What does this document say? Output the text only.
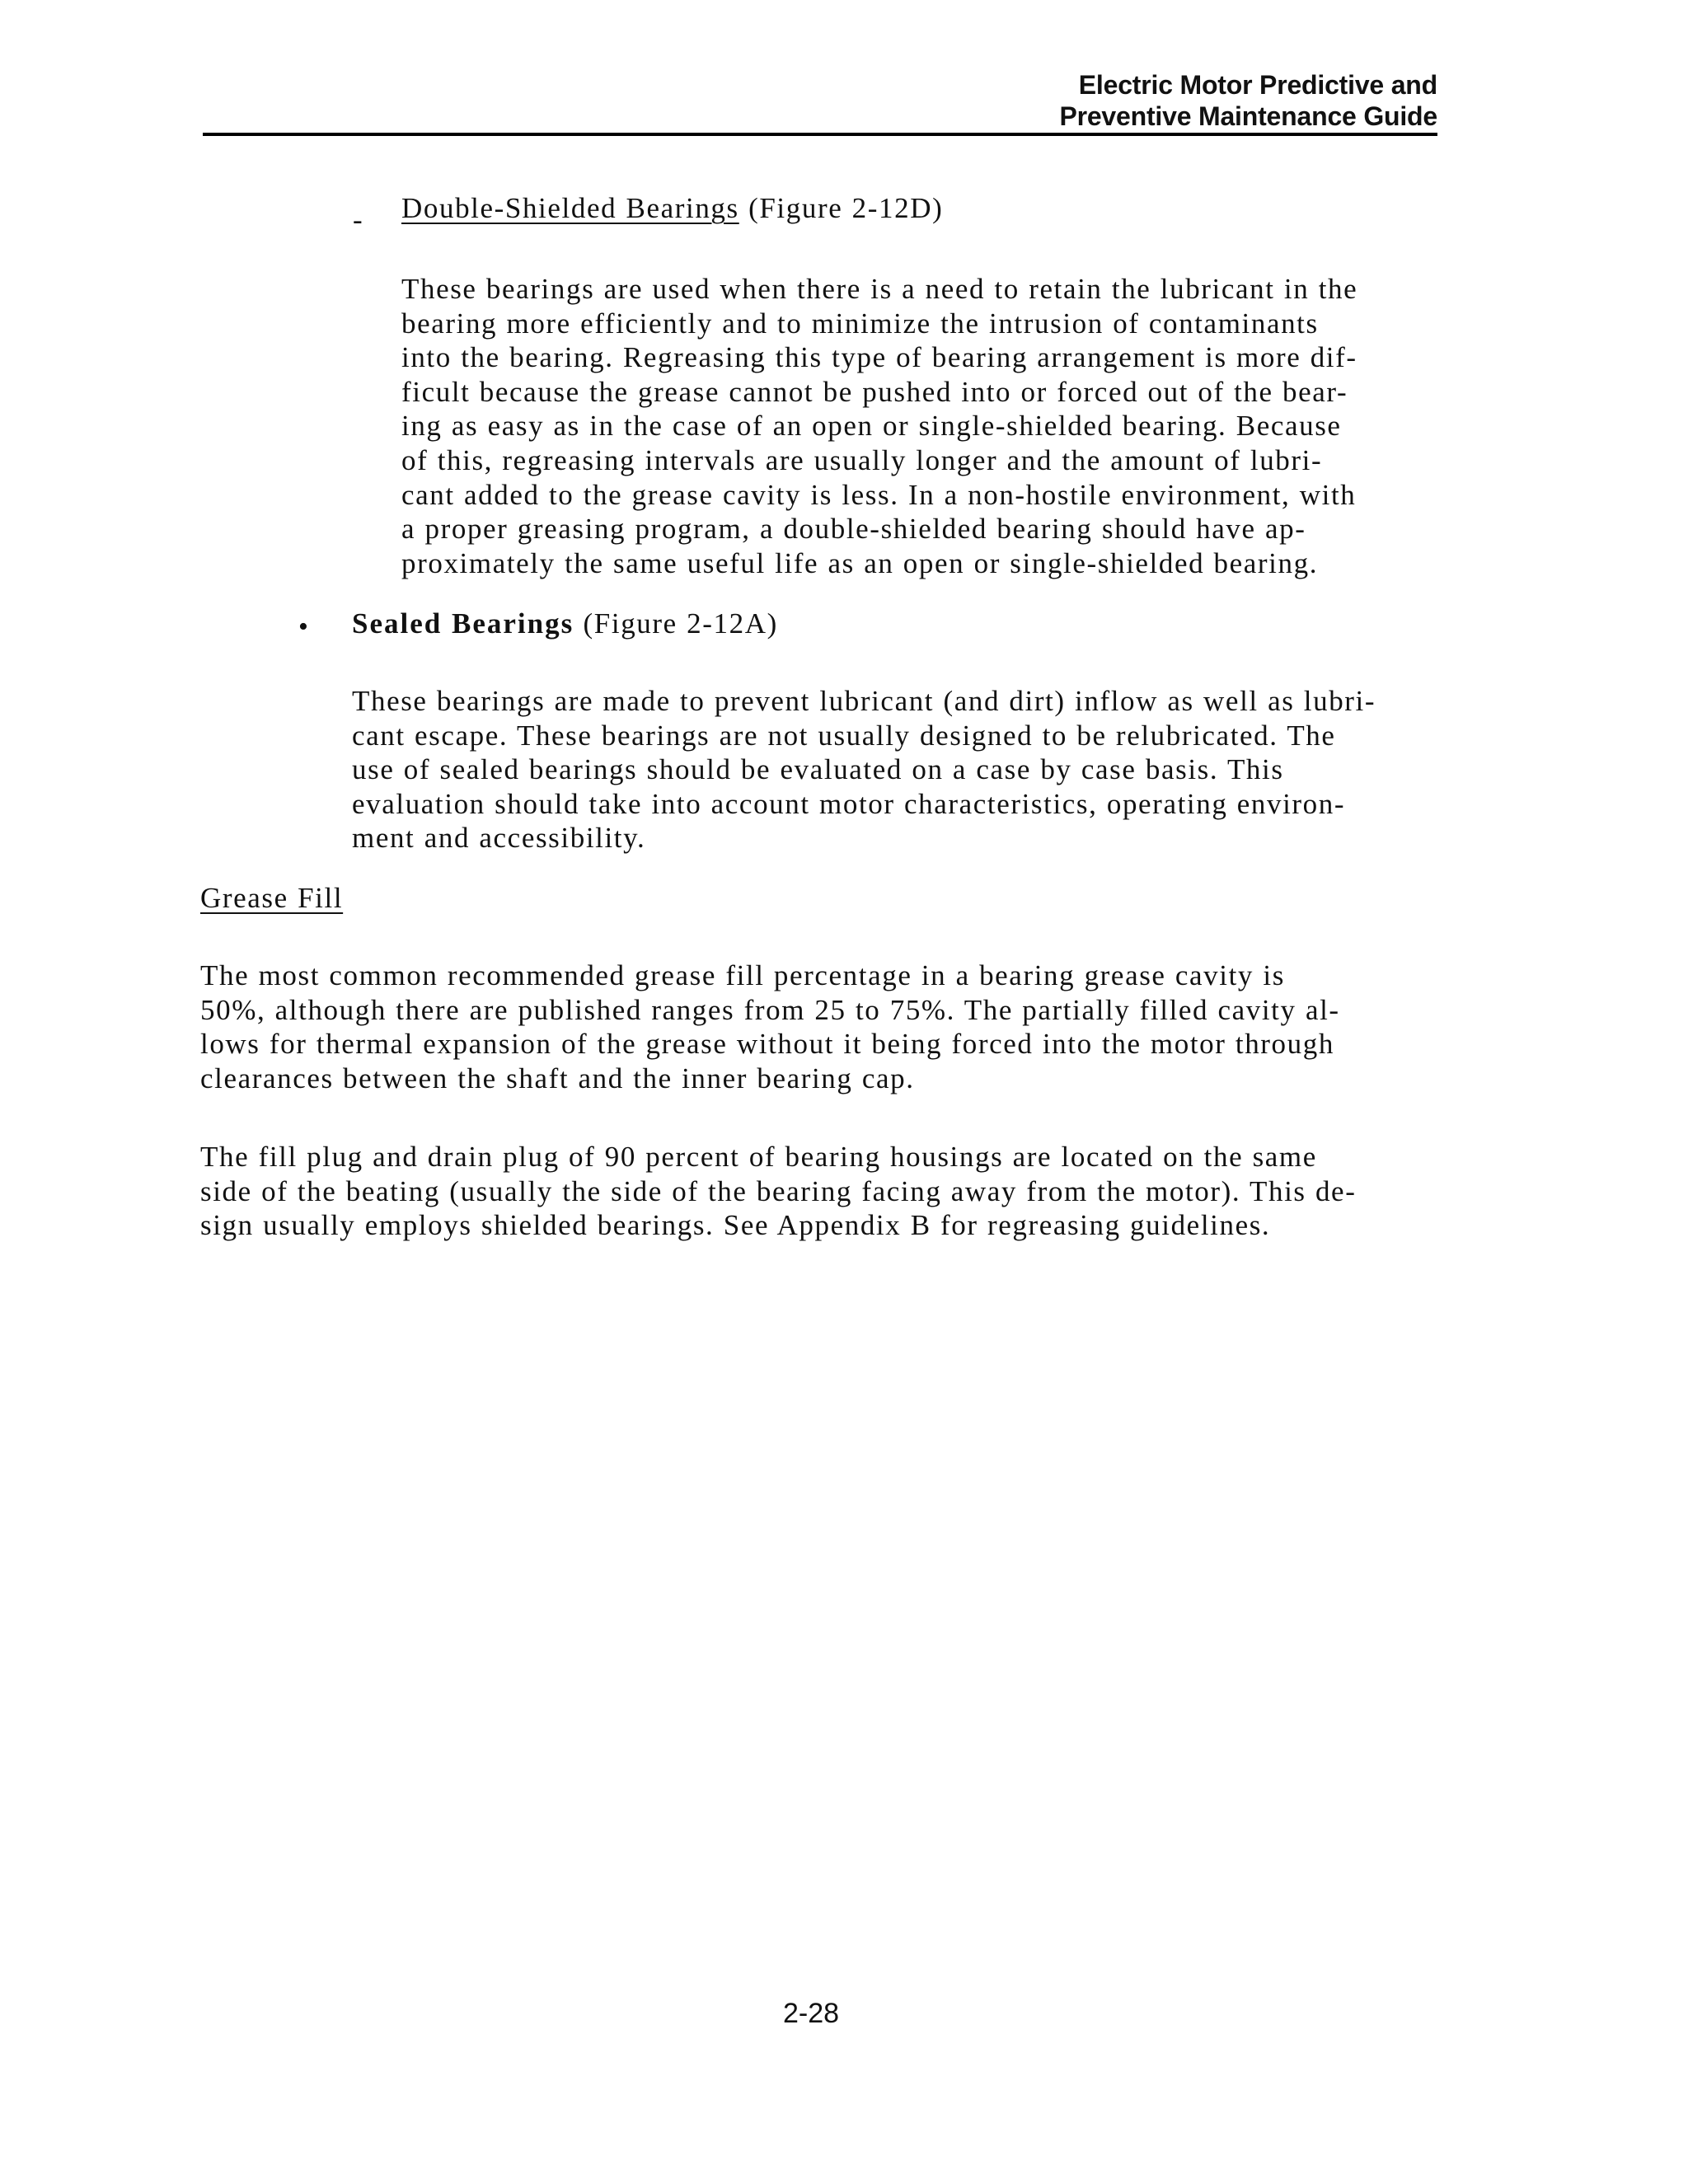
Electric Motor Predictive and
Preventive Maintenance Guide
- Double-Shielded Bearings (Figure 2-12D)
These bearings are used when there is a need to retain the lubricant in the
bearing more efficiently and to minimize the intrusion of contaminants
into the bearing. Regreasing this type of bearing arrangement is more dif-
ficult because the grease cannot be pushed into or forced out of the bear-
ing as easy as in the case of an open or single-shielded bearing. Because
of this, regreasing intervals are usually longer and the amount of lubri-
cant added to the grease cavity is less. In a non-hostile environment, with
a proper greasing program, a double-shielded bearing should have ap-
proximately the same useful life as an open or single-shielded bearing.
• Sealed Bearings (Figure 2-12A)
These bearings are made to prevent lubricant (and dirt) inflow as well as lubri-
cant escape. These bearings are not usually designed to be relubricated. The
use of sealed bearings should be evaluated on a case by case basis. This
evaluation should take into account motor characteristics, operating environ-
ment and accessibility.
Grease Fill
The most common recommended grease fill percentage in a bearing grease cavity is
50%, although there are published ranges from 25 to 75%. The partially filled cavity al-
lows for thermal expansion of the grease without it being forced into the motor through
clearances between the shaft and the inner bearing cap.
The fill plug and drain plug of 90 percent of bearing housings are located on the same
side of the beating (usually the side of the bearing facing away from the motor). This de-
sign usually employs shielded bearings. See Appendix B for regreasing guidelines.
2-28
